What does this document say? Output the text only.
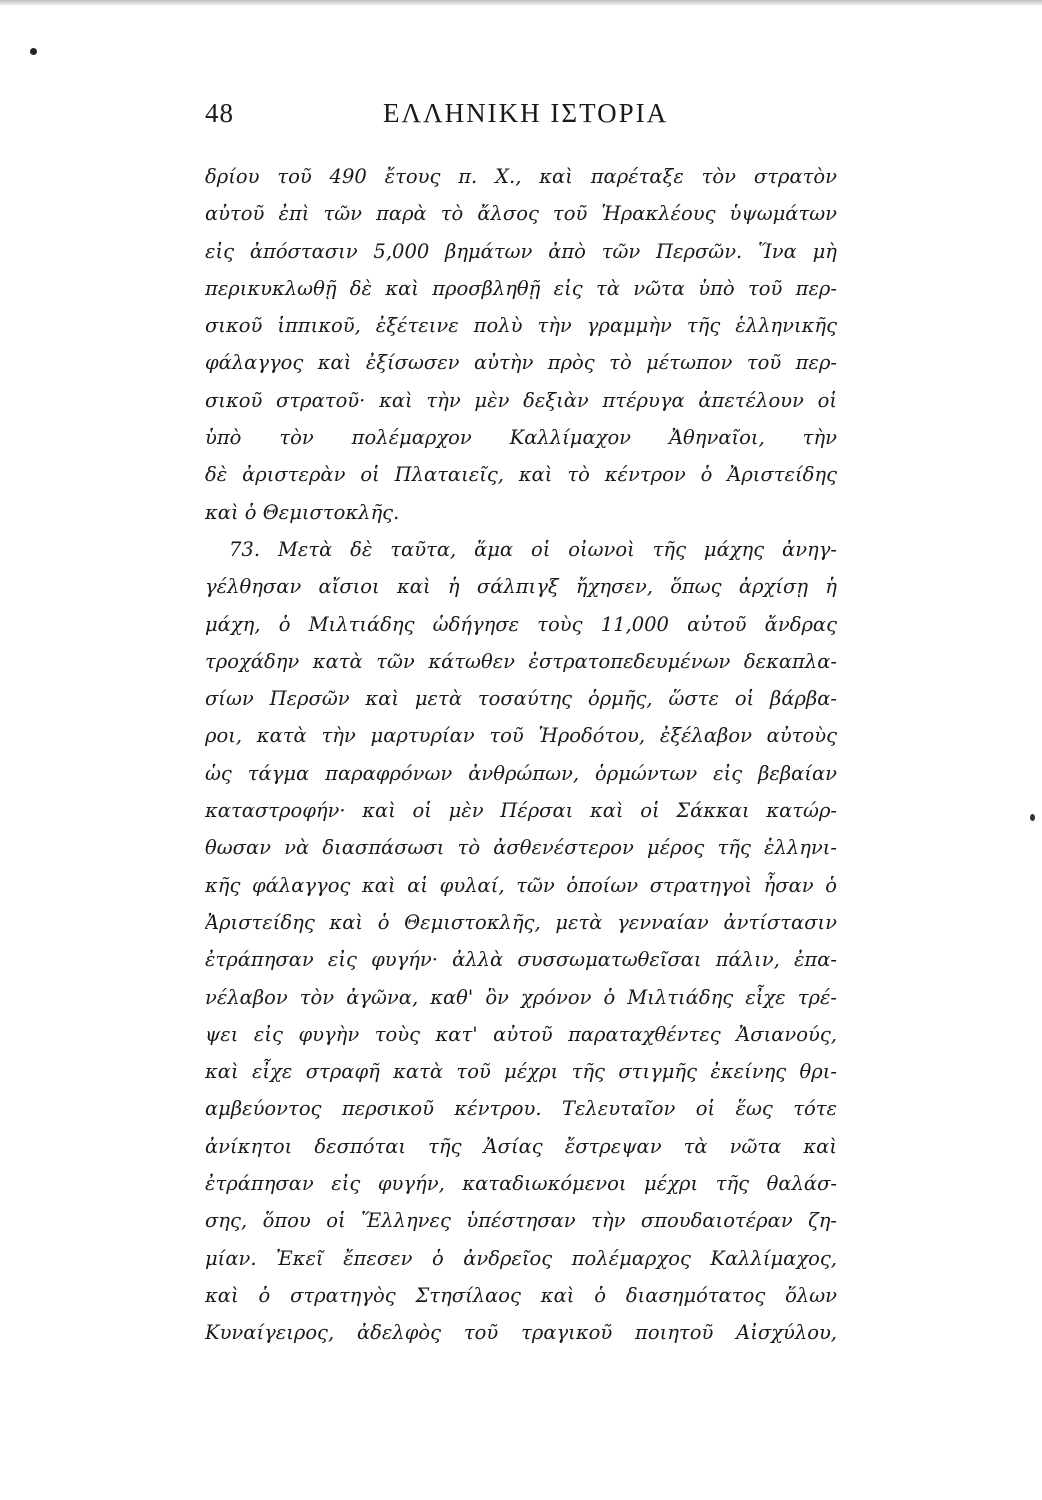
48	ΕΛΛΗΝΙΚΗ ΙΣΤΟΡΙΑ
δρίου τοῦ 490 ἔτους π. Χ., καὶ παρέταξε τὸν στρατὸν
αὐτοῦ ἐπὶ τῶν παρὰ τὸ ἄλσος τοῦ Ἡρακλέους ὑψωμάτων
εἰς ἀπόστασιν 5,000 βημάτων ἀπὸ τῶν Περσῶν. Ἵνα μὴ
περικυκλωθῇ δὲ καὶ προσβληθῇ εἰς τὰ νῶτα ὑπὸ τοῦ περ-
σικοῦ ἱππικοῦ, ἐξέτεινε πολὺ τὴν γραμμὴν τῆς ἑλληνικῆς
φάλαγγος καὶ ἐξίσωσεν αὐτὴν πρὸς τὸ μέτωπον τοῦ περ-
σικοῦ στρατοῦ· καὶ τὴν μὲν δεξιὰν πτέρυγα ἀπετέλουν οἱ
ὑπὸ τὸν πολέμαρχον Καλλίμαχον Ἀθηναῖοι, τὴν
δὲ ἀριστερὰν οἱ Πλαταιεῖς, καὶ τὸ κέντρον ὁ Ἀριστείδης
καὶ ὁ Θεμιστοκλῆς.
73. Μετὰ δὲ ταῦτα, ἅμα οἱ οἰωνοὶ τῆς μάχης ἀνηγ-
γέλθησαν αἴσιοι καὶ ἡ σάλπιγξ ἤχησεν, ὅπως ἀρχίσῃ ἡ
μάχη, ὁ Μιλτιάδης ὡδήγησε τοὺς 11,000 αὐτοῦ ἄνδρας
τροχάδην κατὰ τῶν κάτωθεν ἐστρατοπεδευμένων δεκαπλα-
σίων Περσῶν καὶ μετὰ τοσαύτης ὁρμῆς, ὥστε οἱ βάρβα-
ροι, κατὰ τὴν μαρτυρίαν τοῦ Ἡροδότου, ἐξέλαβον αὐτοὺς
ὡς τάγμα παραφρόνων ἀνθρώπων, ὁρμώντων εἰς βεβαίαν
καταστροφήν· καὶ οἱ μὲν Πέρσαι καὶ οἱ Σάκκαι κατώρ-
θωσαν νὰ διασπάσωσι τὸ ἀσθενέστερον μέρος τῆς ἑλληνι-
κῆς φάλαγγος καὶ αἱ φυλαί, τῶν ὁποίων στρατηγοὶ ἦσαν ὁ
Ἀριστείδης καὶ ὁ Θεμιστοκλῆς, μετὰ γενναίαν ἀντίστασιν
ἐτράπησαν εἰς φυγήν· ἀλλὰ συσσωματωθεῖσαι πάλιν, ἐπα-
νέλαβον τὸν ἀγῶνα, καθ' ὃν χρόνον ὁ Μιλτιάδης εἶχε τρέ-
ψει εἰς φυγὴν τοὺς κατ' αὐτοῦ παραταχθέντες Ἀσιανούς,
καὶ εἶχε στραφῆ κατὰ τοῦ μέχρι τῆς στιγμῆς ἐκείνης θρι-
αμβεύοντος περσικοῦ κέντρου. Τελευταῖον οἱ ἕως τότε
ἀνίκητοι δεσπόται τῆς Ἀσίας ἔστρεψαν τὰ νῶτα καὶ
ἐτράπησαν εἰς φυγήν, καταδιωκόμενοι μέχρι τῆς θαλάσ-
σης, ὅπου οἱ Ἕλληνες ὑπέστησαν τὴν σπουδαιοτέραν ζη-
μίαν. Ἐκεῖ ἔπεσεν ὁ ἀνδρεῖος πολέμαρχος Καλλίμαχος,
καὶ ὁ στρατηγὸς Στησίλαος καὶ ὁ διασημότατος ὅλων
Κυναίγειρος, ἀδελφὸς τοῦ τραγικοῦ ποιητοῦ Αἰσχύλου,
